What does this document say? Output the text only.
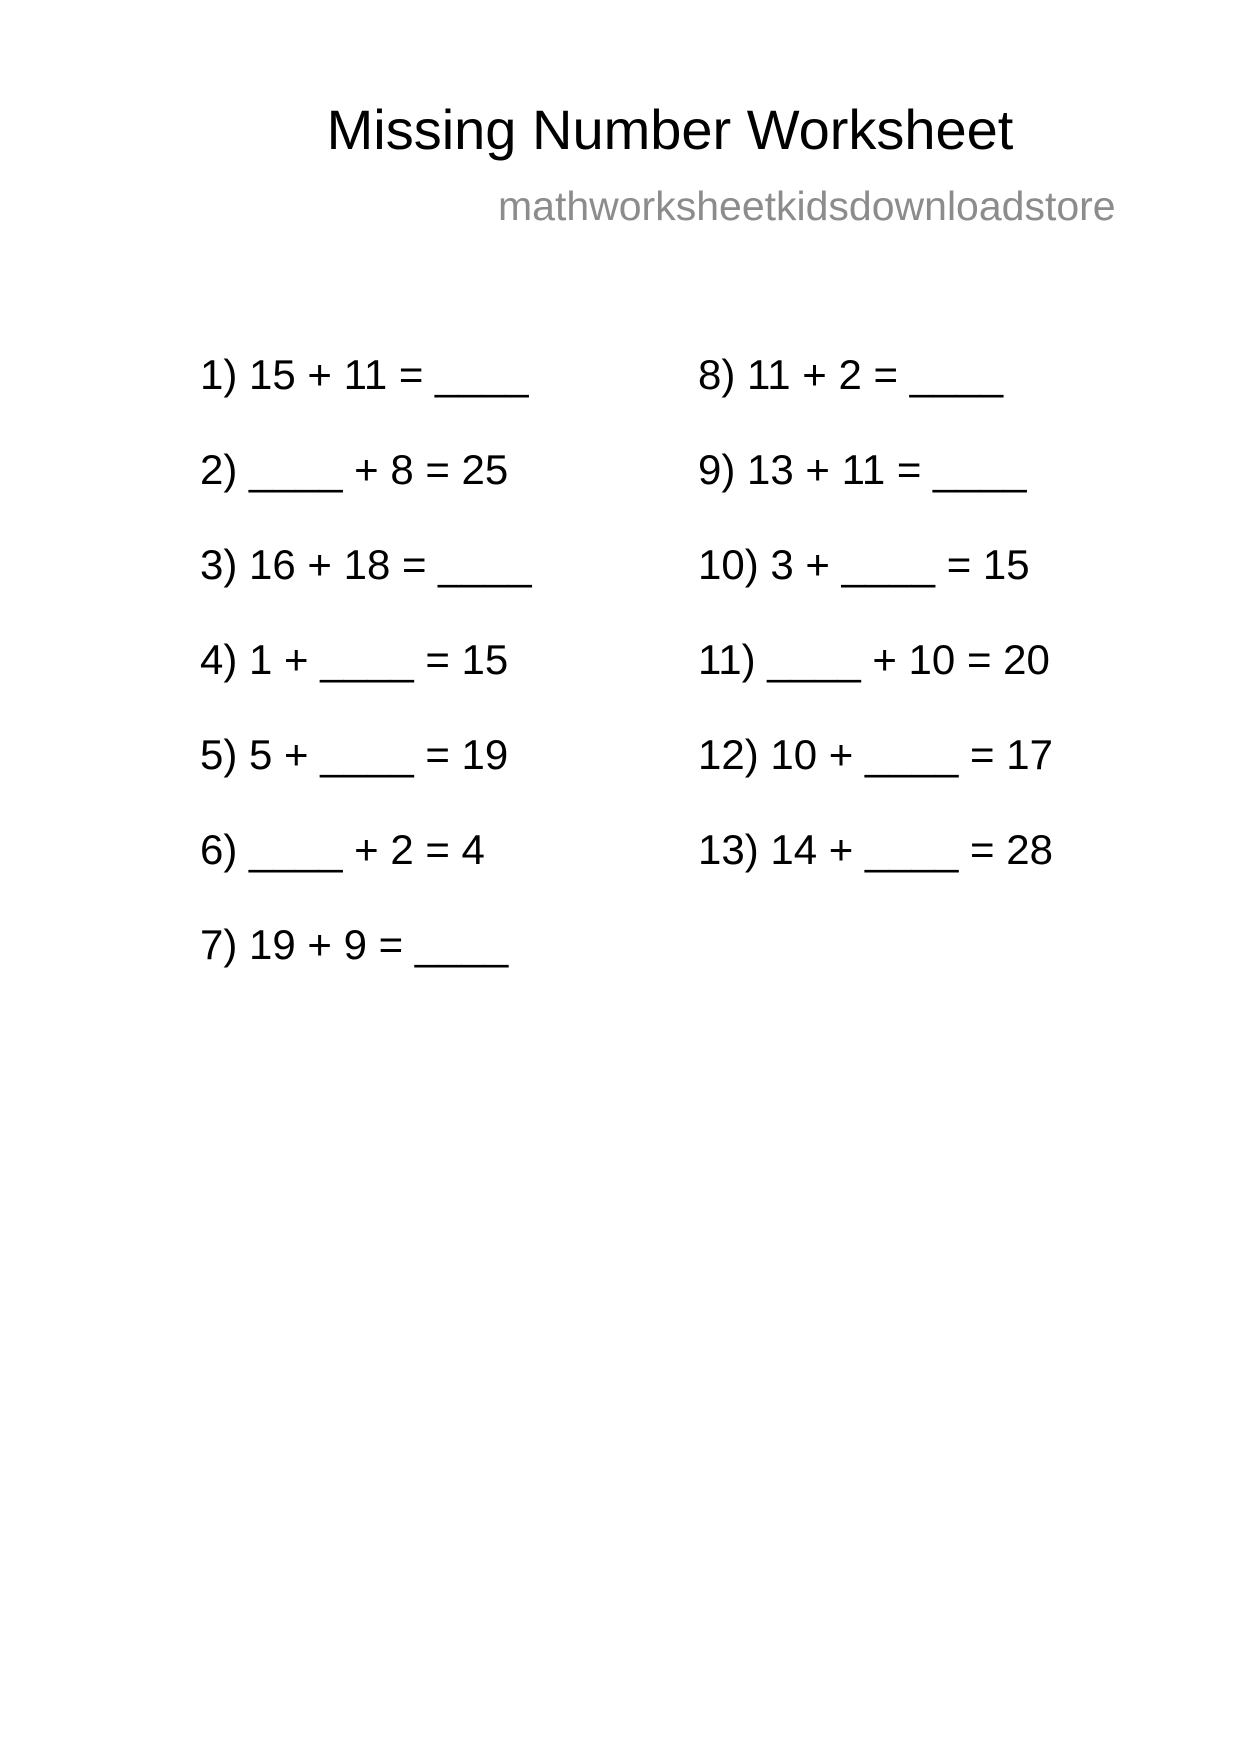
Missing Number Worksheet
mathworksheetkidsdownloadstore
1) 15 + 11 = ____
2) ____ + 8 = 25
3) 16 + 18 = ____
4) 1 + ____ = 15
5) 5 + ____ = 19
6) ____ + 2 = 4
7) 19 + 9 = ____
8) 11 + 2 = ____
9) 13 + 11 = ____
10) 3 + ____ = 15
11) ____ + 10 = 20
12) 10 + ____ = 17
13) 14 + ____ = 28
